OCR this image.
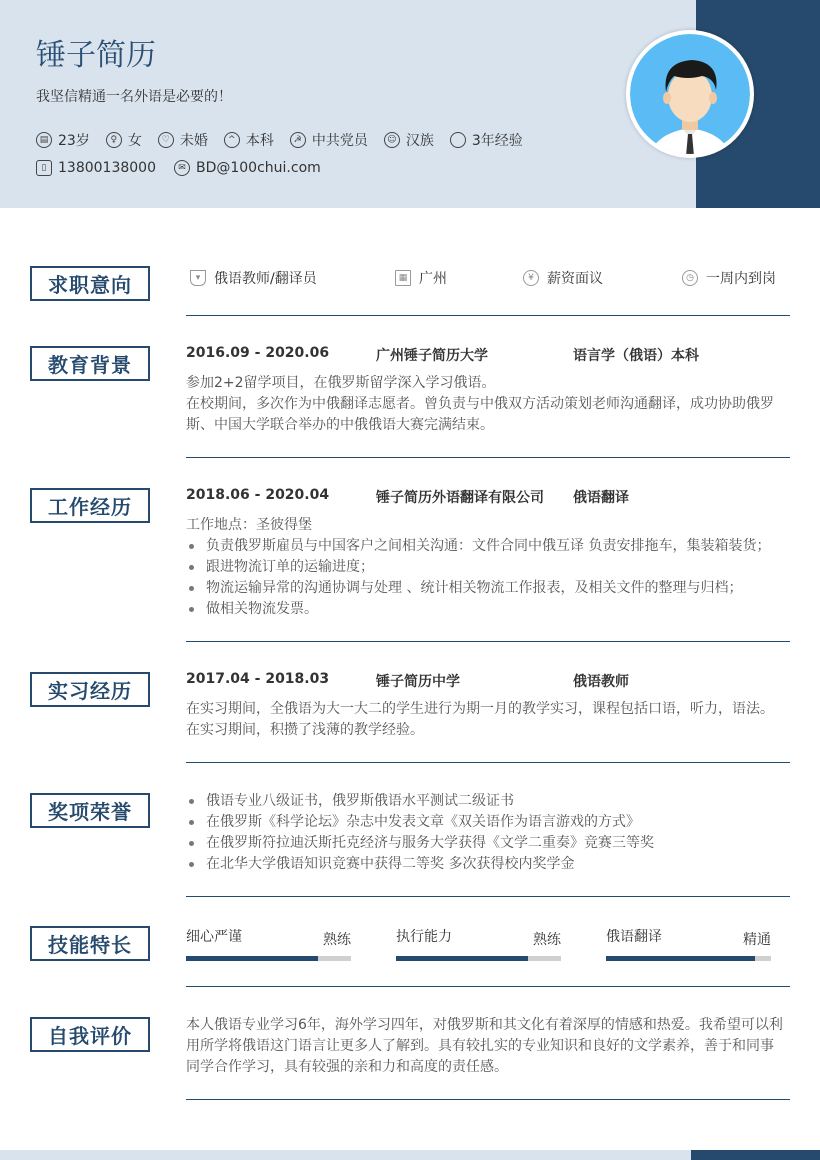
锤子简历
我坚信精通一名外语是必要的！
▤ 23岁	♀ 女	♡ 未婚	^ 本科	☭ 中共党员	☺ 汉族	3年经验
▯ 13800138000	✉ BD@100chui.com
求职意向	▾ 俄语教师/翻译员	▦ 广州	¥ 薪资面议	◷ 一周内到岗
教育背景	2016.09 - 2020.06	广州锤子简历大学	语言学（俄语）本科

参加2+2留学项目，在俄罗斯留学深入学习俄语。

在校期间，多次作为中俄翻译志愿者。曾负责与中俄双方活动策划老师沟通翻译，成功协助俄罗斯、中国大学联合举办的中俄俄语大赛完满结束。

工作经历	2018.06 - 2020.04	锤子简历外语翻译有限公司 俄语翻译
工作地点：圣彼得堡
负责俄罗斯雇员与中国客户之间相关沟通：文件合同中俄互译 负责安排拖车，集装箱装货；
跟进物流订单的运输进度；
物流运输异常的沟通协调与处理 、统计相关物流工作报表，及相关文件的整理与归档；
做相关物流发票。
实习经历	2017.04 - 2018.03	锤子简历中学	俄语教师

在实习期间，全俄语为大一大二的学生进行为期一月的教学实习，课程包括口语，听力，语法。

在实习期间，积攒了浅薄的教学经验。

奖项荣誉	俄语专业八级证书，俄罗斯俄语水平测试二级证书
在俄罗斯《科学论坛》杂志中发表文章《双关语作为语言游戏的方式》
在俄罗斯符拉迪沃斯托克经济与服务大学获得《文学二重奏》竞赛三等奖
在北华大学俄语知识竞赛中获得二等奖 多次获得校内奖学金
技能特长	细心严谨	熟练	执行能力	熟练	俄语翻译	精通
自我评价	本人俄语专业学习6年，海外学习四年，对俄罗斯和其文化有着深厚的情感和热爱。我希望可以利用所学将俄语这门语言让更多人了解到。具有较扎实的专业知识和良好的文学素养，善于和同事同学合作学习，具有较强的亲和力和高度的责任感。
